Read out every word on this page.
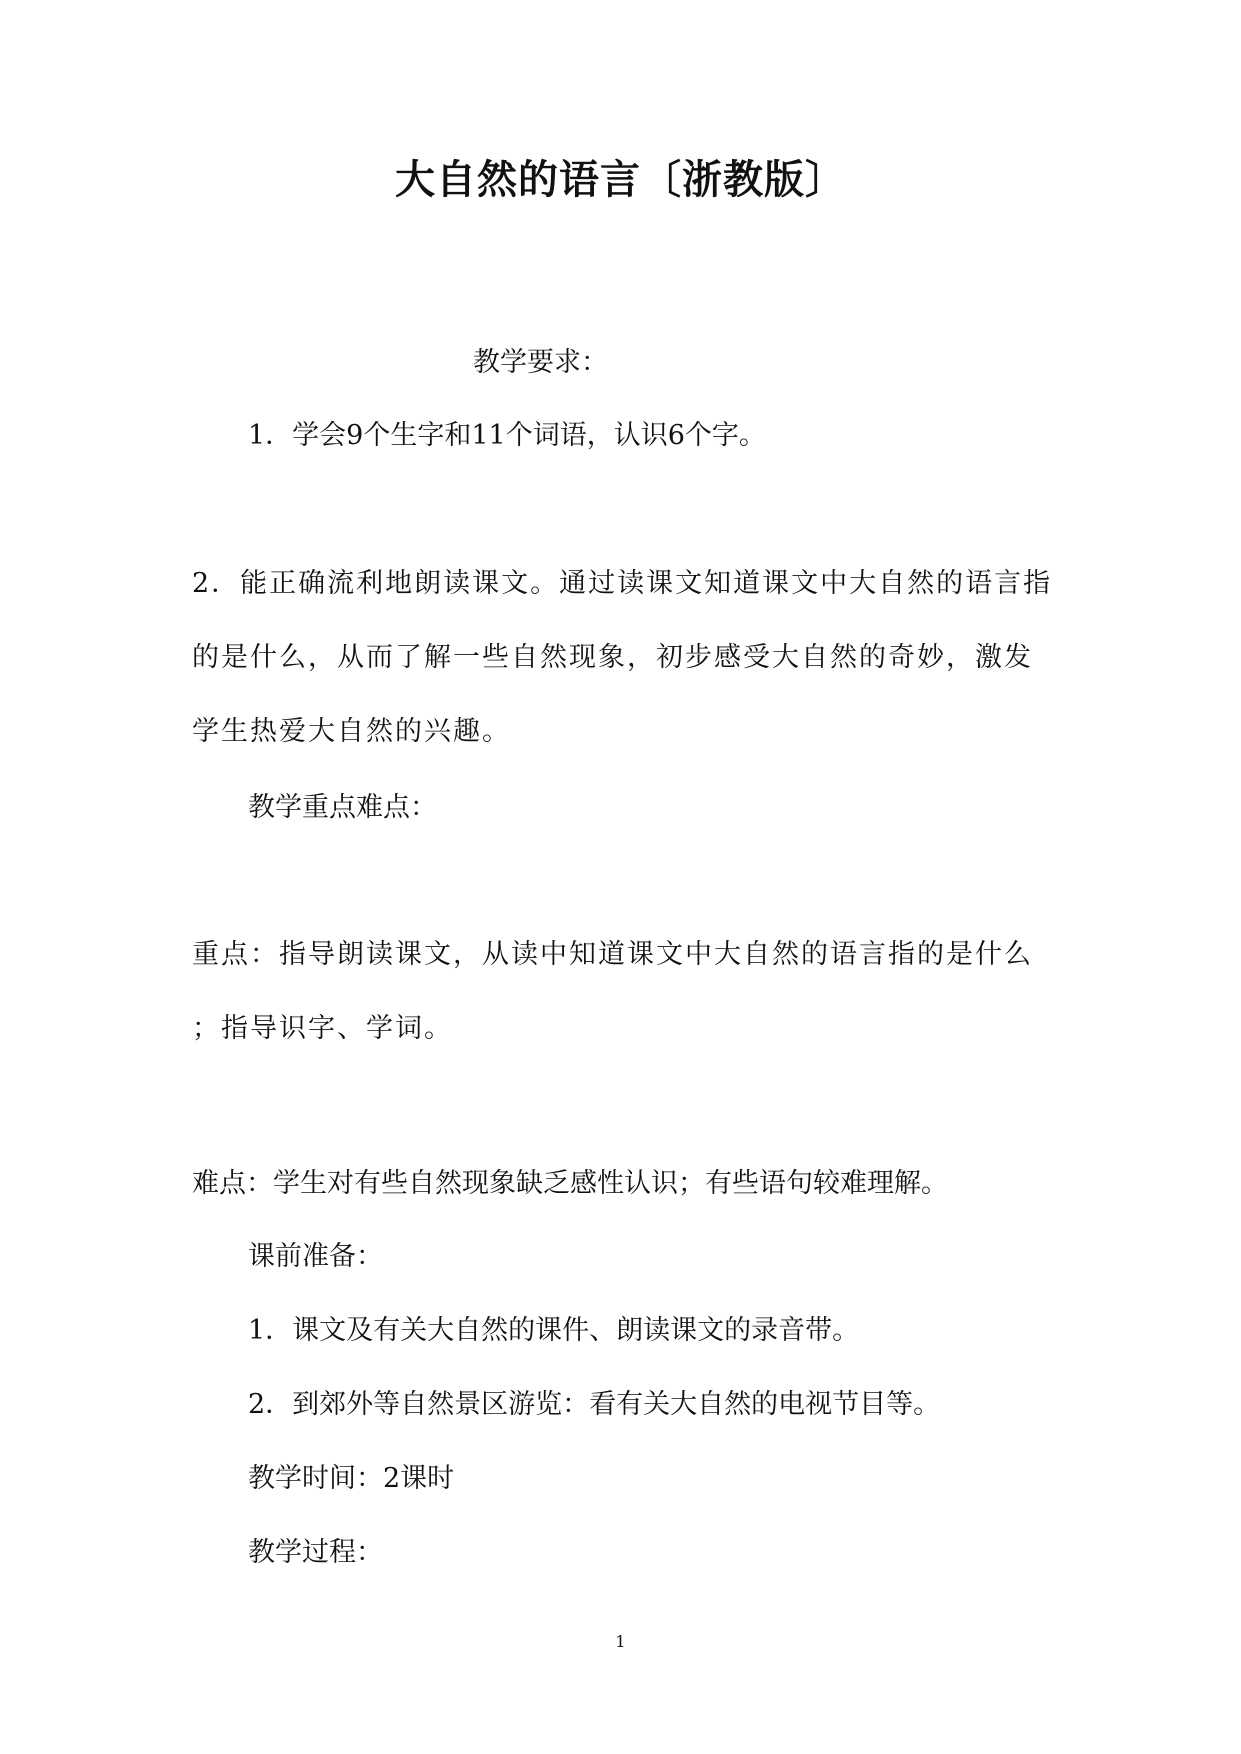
大自然的语言〔浙教版〕
教学要求：
1．学会9个生字和11个词语，认识6个字。
2．能正确流利地朗读课文。通过读课文知道课文中大自然的语言指
的是什么，从而了解一些自然现象，初步感受大自然的奇妙，激发
学生热爱大自然的兴趣。
教学重点难点：
重点：指导朗读课文，从读中知道课文中大自然的语言指的是什么
；指导识字、学词。
难点：学生对有些自然现象缺乏感性认识；有些语句较难理解。
课前准备：
1．课文及有关大自然的课件、朗读课文的录音带。
2．到郊外等自然景区游览：看有关大自然的电视节目等。
教学时间：2课时
教学过程：
1
